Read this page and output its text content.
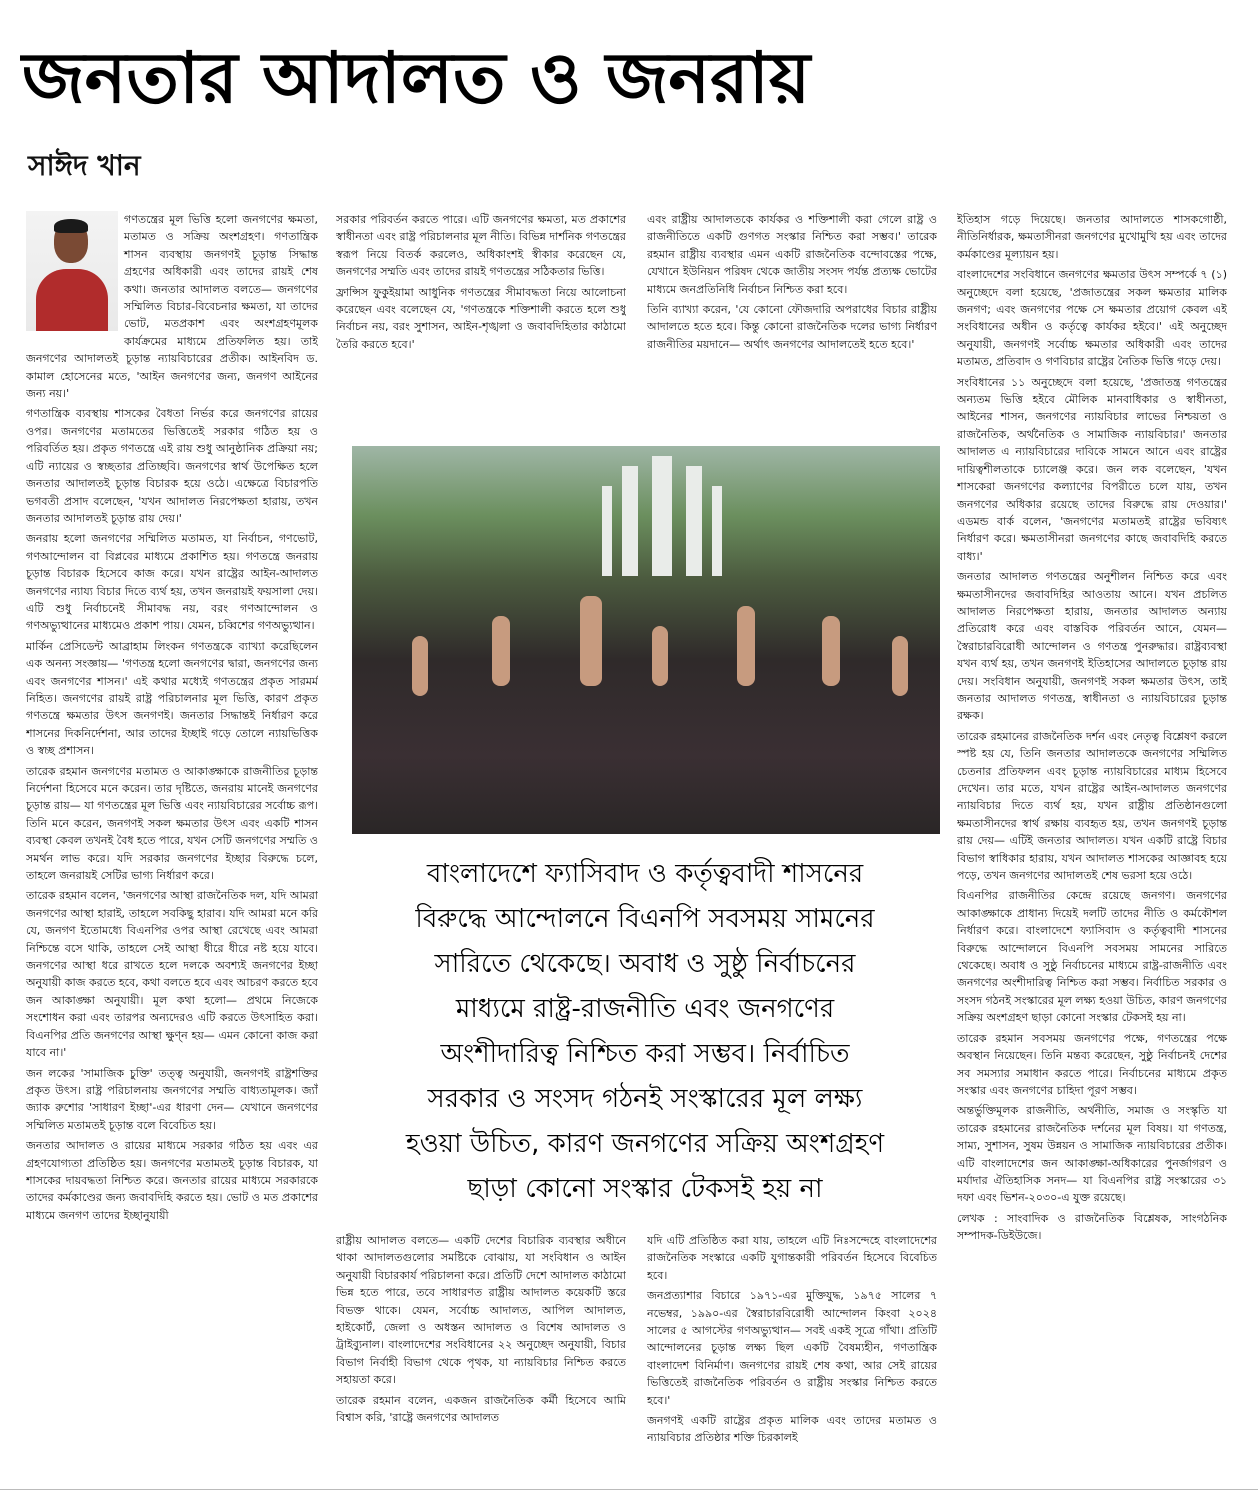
জনতার আদালত ও জনরায়
সাঈদ খান

গণতন্ত্রের মূল ভিত্তি হলো জনগণের ক্ষমতা, মতামত ও সক্রিয় অংশগ্রহণ। গণতান্ত্রিক শাসন ব্যবস্থায় জনগণই চূড়ান্ত সিদ্ধান্ত গ্রহণের অধিকারী এবং তাদের রায়ই শেষ কথা। জনতার আদালত বলতে— জনগণের সম্মিলিত বিচার-বিবেচনার ক্ষমতা, যা তাদের ভোট, মতপ্রকাশ এবং অংশগ্রহণমূলক কার্যক্রমের মাধ্যমে প্রতিফলিত হয়। তাই জনগণের আদালতই চূড়ান্ত ন্যায়বিচারের প্রতীক। আইনবিদ ড. কামাল হোসেনের মতে, 'আইন জনগণের জন্য, জনগণ আইনের জন্য নয়।'

গণতান্ত্রিক ব্যবস্থায় শাসকের বৈধতা নির্ভর করে জনগণের রায়ের ওপর। জনগণের মতামতের ভিত্তিতেই সরকার গঠিত হয় ও পরিবর্তিত হয়। প্রকৃত গণতন্ত্রে এই রায় শুধু আনুষ্ঠানিক প্রক্রিয়া নয়; এটি ন্যায়ের ও স্বচ্ছতার প্রতিচ্ছবি। জনগণের স্বার্থ উপেক্ষিত হলে জনতার আদালতই চূড়ান্ত বিচারক হয়ে ওঠে। এক্ষেত্রে বিচারপতি ভগবতী প্রসাদ বলেছেন, 'যখন আদালত নিরপেক্ষতা হারায়, তখন জনতার আদালতই চূড়ান্ত রায় দেয়।'

জনরায় হলো জনগণের সম্মিলিত মতামত, যা নির্বাচন, গণভোট, গণআন্দোলন বা বিপ্লবের মাধ্যমে প্রকাশিত হয়। গণতন্ত্রে জনরায় চূড়ান্ত বিচারক হিসেবে কাজ করে। যখন রাষ্ট্রের আইন-আদালত জনগণের ন্যায্য বিচার দিতে ব্যর্থ হয়, তখন জনরায়ই ফয়সালা দেয়। এটি শুধু নির্বাচনেই সীমাবদ্ধ নয়, বরং গণআন্দোলন ও গণঅভ্যুত্থানের মাধ্যমেও প্রকাশ পায়। যেমন, চব্বিশের গণঅভ্যুত্থান।

মার্কিন প্রেসিডেন্ট আব্রাহাম লিংকন গণতন্ত্রকে ব্যাখ্যা করেছিলেন এক অনন্য সংজ্ঞায়— 'গণতন্ত্র হলো জনগণের দ্বারা, জনগণের জন্য এবং জনগণের শাসন।' এই কথার মধ্যেই গণতন্ত্রের প্রকৃত সারমর্ম নিহিত। জনগণের রায়ই রাষ্ট্র পরিচালনার মূল ভিত্তি, কারণ প্রকৃত গণতন্ত্রে ক্ষমতার উৎস জনগণই। জনতার সিদ্ধান্তই নির্ধারণ করে শাসনের দিকনির্দেশনা, আর তাদের ইচ্ছাই গড়ে তোলে ন্যায়ভিত্তিক ও স্বচ্ছ প্রশাসন।

তারেক রহমান জনগণের মতামত ও আকাঙ্ক্ষাকে রাজনীতির চূড়ান্ত নির্দেশনা হিসেবে মনে করেন। তার দৃষ্টিতে, জনরায় মানেই জনগণের চূড়ান্ত রায়— যা গণতন্ত্রের মূল ভিত্তি এবং ন্যায়বিচারের সর্বোচ্চ রূপ। তিনি মনে করেন, জনগণই সকল ক্ষমতার উৎস এবং একটি শাসন ব্যবস্থা কেবল তখনই বৈধ হতে পারে, যখন সেটি জনগণের সম্মতি ও সমর্থন লাভ করে। যদি সরকার জনগণের ইচ্ছার বিরুদ্ধে চলে, তাহলে জনরায়ই সেটির ভাগ্য নির্ধারণ করে।

তারেক রহমান বলেন, 'জনগণের আস্থা রাজনৈতিক দল, যদি আমরা জনগণের আস্থা হারাই, তাহলে সবকিছু হারাব। যদি আমরা মনে করি যে, জনগণ ইতোমধ্যে বিএনপির ওপর আস্থা রেখেছে এবং আমরা নিশ্চিন্তে বসে থাকি, তাহলে সেই আস্থা ধীরে ধীরে নষ্ট হয়ে যাবে। জনগণের আস্থা ধরে রাখতে হলে দলকে অবশ্যই জনগণের ইচ্ছা অনুযায়ী কাজ করতে হবে, কথা বলতে হবে এবং আচরণ করতে হবে জন আকাঙ্ক্ষা অনুযায়ী। মূল কথা হলো— প্রথমে নিজেকে সংশোধন করা এবং তারপর অন্যদেরও এটি করতে উৎসাহিত করা। বিএনপির প্রতি জনগণের আস্থা ক্ষুণ্ন হয়— এমন কোনো কাজ করা যাবে না।'

জন লকের 'সামাজিক চুক্তি' তত্ত্ব অনুযায়ী, জনগণই রাষ্ট্রশক্তির প্রকৃত উৎস। রাষ্ট্র পরিচালনায় জনগণের সম্মতি বাধ্যতামূলক। জ্যাঁ জ্যাক রুশোর 'সাধারণ ইচ্ছা'-এর ধারণা দেন— যেখানে জনগণের সম্মিলিত মতামতই চূড়ান্ত বলে বিবেচিত হয়।

জনতার আদালত ও রায়ের মাধ্যমে সরকার গঠিত হয় এবং এর গ্রহণযোগ্যতা প্রতিষ্ঠিত হয়। জনগণের মতামতই চূড়ান্ত বিচারক, যা শাসকের দায়বদ্ধতা নিশ্চিত করে। জনতার রায়ের মাধ্যমে সরকারকে তাদের কর্মকাণ্ডের জন্য জবাবদিহি করতে হয়। ভোট ও মত প্রকাশের মাধ্যমে জনগণ তাদের ইচ্ছানুযায়ী

সরকার পরিবর্তন করতে পারে। এটি জনগণের ক্ষমতা, মত প্রকাশের স্বাধীনতা এবং রাষ্ট্র পরিচালনার মূল নীতি। বিভিন্ন দার্শনিক গণতন্ত্রের স্বরূপ নিয়ে বিতর্ক করলেও, অধিকাংশই স্বীকার করেছেন যে, জনগণের সম্মতি এবং তাদের রায়ই গণতন্ত্রের সঠিকতার ভিত্তি।

ফ্রান্সিস ফুকুইয়ামা আধুনিক গণতন্ত্রের সীমাবদ্ধতা নিয়ে আলোচনা করেছেন এবং বলেছেন যে, 'গণতন্ত্রকে শক্তিশালী করতে হলে শুধু নির্বাচন নয়, বরং সুশাসন, আইন-শৃঙ্খলা ও জবাবদিহিতার কাঠামো তৈরি করতে হবে।'

এবং রাষ্ট্রীয় আদালতকে কার্যকর ও শক্তিশালী করা গেলে রাষ্ট্র ও রাজনীতিতে একটি গুণগত সংস্কার নিশ্চিত করা সম্ভব।' তারেক রহমান রাষ্ট্রীয় ব্যবস্থার এমন একটি রাজনৈতিক বন্দোবস্তের পক্ষে, যেখানে ইউনিয়ন পরিষদ থেকে জাতীয় সংসদ পর্যন্ত প্রত্যক্ষ ভোটের মাধ্যমে জনপ্রতিনিধি নির্বাচন নিশ্চিত করা হবে।

তিনি ব্যাখ্যা করেন, 'যে কোনো ফৌজদারি অপরাধের বিচার রাষ্ট্রীয় আদালতে হতে হবে। কিন্তু কোনো রাজনৈতিক দলের ভাগ্য নির্ধারণ রাজনীতির ময়দানে— অর্থাৎ জনগণের আদালতেই হতে হবে।'

ইতিহাস গড়ে দিয়েছে। জনতার আদালতে শাসকগোষ্ঠী, নীতিনির্ধারক, ক্ষমতাসীনরা জনগণের মুখোমুখি হয় এবং তাদের কর্মকাণ্ডের মূল্যায়ন হয়।

বাংলাদেশের সংবিধানে জনগণের ক্ষমতার উৎস সম্পর্কে ৭ (১) অনুচ্ছেদে বলা হয়েছে, 'প্রজাতন্ত্রের সকল ক্ষমতার মালিক জনগণ; এবং জনগণের পক্ষে সে ক্ষমতার প্রয়োগ কেবল এই সংবিধানের অধীন ও কর্তৃত্বে কার্যকর হইবে।' এই অনুচ্ছেদ অনুযায়ী, জনগণই সর্বোচ্চ ক্ষমতার অধিকারী এবং তাদের মতামত, প্রতিবাদ ও গণবিচার রাষ্ট্রের নৈতিক ভিত্তি গড়ে দেয়।

সংবিধানের ১১ অনুচ্ছেদে বলা হয়েছে, 'প্রজাতন্ত্র গণতন্ত্রের অন্যতম ভিত্তি হইবে মৌলিক মানবাধিকার ও স্বাধীনতা, আইনের শাসন, জনগণের ন্যায়বিচার লাভের নিশ্চয়তা ও রাজনৈতিক, অর্থনৈতিক ও সামাজিক ন্যায়বিচার।' জনতার আদালত এ ন্যায়বিচারের দাবিকে সামনে আনে এবং রাষ্ট্রের দায়িত্বশীলতাকে চ্যালেঞ্জ করে। জন লক বলেছেন, 'যখন শাসকেরা জনগণের কল্যাণের বিপরীতে চলে যায়, তখন জনগণের অধিকার রয়েছে তাদের বিরুদ্ধে রায় দেওয়ার।' এডমন্ড বার্ক বলেন, 'জনগণের মতামতই রাষ্ট্রের ভবিষ্যৎ নির্ধারণ করে। ক্ষমতাসীনরা জনগণের কাছে জবাবদিহি করতে বাধ্য।'

জনতার আদালত গণতন্ত্রের অনুশীলন নিশ্চিত করে এবং ক্ষমতাসীনদের জবাবদিহির আওতায় আনে। যখন প্রচলিত আদালত নিরপেক্ষতা হারায়, জনতার আদালত অন্যায় প্রতিরোধ করে এবং বাস্তবিক পরিবর্তন আনে, যেমন— স্বৈরাচারবিরোধী আন্দোলন ও গণতন্ত্র পুনরুদ্ধার। রাষ্ট্রব্যবস্থা যখন ব্যর্থ হয়, তখন জনগণই ইতিহাসের আদালতে চূড়ান্ত রায় দেয়। সংবিধান অনুযায়ী, জনগণই সকল ক্ষমতার উৎস, তাই জনতার আদালত গণতন্ত্র, স্বাধীনতা ও ন্যায়বিচারের চূড়ান্ত রক্ষক।

তারেক রহমানের রাজনৈতিক দর্শন এবং নেতৃত্ব বিশ্লেষণ করলে স্পষ্ট হয় যে, তিনি জনতার আদালতকে জনগণের সম্মিলিত চেতনার প্রতিফলন এবং চূড়ান্ত ন্যায়বিচারের মাধ্যম হিসেবে দেখেন। তার মতে, যখন রাষ্ট্রের আইন-আদালত জনগণের ন্যায়বিচার দিতে ব্যর্থ হয়, যখন রাষ্ট্রীয় প্রতিষ্ঠানগুলো ক্ষমতাসীনদের স্বার্থ রক্ষায় ব্যবহৃত হয়, তখন জনগণই চূড়ান্ত রায় দেয়— এটিই জনতার আদালত। যখন একটি রাষ্ট্রে বিচার বিভাগ স্বাধিকার হারায়, যখন আদালত শাসকের আজ্ঞাবহ হয়ে পড়ে, তখন জনগণের আদালতই শেষ ভরসা হয়ে ওঠে।

বিএনপির রাজনীতির কেন্দ্রে রয়েছে জনগণ। জনগণের আকাঙ্ক্ষাকে প্রাধান্য দিয়েই দলটি তাদের নীতি ও কর্মকৌশল নির্ধারণ করে। বাংলাদেশে ফ্যাসিবাদ ও কর্তৃত্ববাদী শাসনের বিরুদ্ধে আন্দোলনে বিএনপি সবসময় সামনের সারিতে থেকেছে। অবাধ ও সুষ্ঠু নির্বাচনের মাধ্যমে রাষ্ট্র-রাজনীতি এবং জনগণের অংশীদারিত্ব নিশ্চিত করা সম্ভব। নির্বাচিত সরকার ও সংসদ গঠনই সংস্কারের মূল লক্ষ্য হওয়া উচিত, কারণ জনগণের সক্রিয় অংশগ্রহণ ছাড়া কোনো সংস্কার টেকসই হয় না।

তারেক রহমান সবসময় জনগণের পক্ষে, গণতন্ত্রের পক্ষে অবস্থান নিয়েছেন। তিনি মন্তব্য করেছেন, সুষ্ঠু নির্বাচনই দেশের সব সমস্যার সমাধান করতে পারে। নির্বাচনের মাধ্যমে প্রকৃত সংস্কার এবং জনগণের চাহিদা পূরণ সম্ভব।

অন্তর্ভুক্তিমূলক রাজনীতি, অর্থনীতি, সমাজ ও সংস্কৃতি যা তারেক রহমানের রাজনৈতিক দর্শনের মূল বিষয়। যা গণতন্ত্র, সাম্য, সুশাসন, সুষম উন্নয়ন ও সামাজিক ন্যায়বিচারের প্রতীক। এটি বাংলাদেশের জন আকাঙ্ক্ষা-অধিকারের পুনর্জাগরণ ও মর্যাদার ঐতিহাসিক সনদ— যা বিএনপির রাষ্ট্র সংস্কারের ৩১ দফা এবং ভিশন-২০৩০-এ যুক্ত রয়েছে।

লেখক : সাংবাদিক ও রাজনৈতিক বিশ্লেষক, সাংগঠনিক সম্পাদক-ডিইউজে।

বাংলাদেশে ফ্যাসিবাদ ও কর্তৃত্ববাদী শাসনের

বিরুদ্ধে আন্দোলনে বিএনপি সবসময় সামনের

সারিতে থেকেছে। অবাধ ও সুষ্ঠু নির্বাচনের

মাধ্যমে রাষ্ট্র-রাজনীতি এবং জনগণের

অংশীদারিত্ব নিশ্চিত করা সম্ভব। নির্বাচিত

সরকার ও সংসদ গঠনই সংস্কারের মূল লক্ষ্য

হওয়া উচিত, কারণ জনগণের সক্রিয় অংশগ্রহণ

ছাড়া কোনো সংস্কার টেকসই হয় না

রাষ্ট্রীয় আদালত বলতে— একটি দেশের বিচারিক ব্যবস্থার অধীনে থাকা আদালতগুলোর সমষ্টিকে বোঝায়, যা সংবিধান ও আইন অনুযায়ী বিচারকার্য পরিচালনা করে। প্রতিটি দেশে আদালত কাঠামো ভিন্ন হতে পারে, তবে সাধারণত রাষ্ট্রীয় আদালত কয়েকটি স্তরে বিভক্ত থাকে। যেমন, সর্বোচ্চ আদালত, আপিল আদালত, হাইকোর্ট, জেলা ও অধস্তন আদালত ও বিশেষ আদালত ও ট্রাইব্যুনাল। বাংলাদেশের সংবিধানের ২২ অনুচ্ছেদ অনুযায়ী, বিচার বিভাগ নির্বাহী বিভাগ থেকে পৃথক, যা ন্যায়বিচার নিশ্চিত করতে সহায়তা করে।

তারেক রহমান বলেন, একজন রাজনৈতিক কর্মী হিসেবে আমি বিশ্বাস করি, 'রাষ্ট্রে জনগণের আদালত

যদি এটি প্রতিষ্ঠিত করা যায়, তাহলে এটি নিঃসন্দেহে বাংলাদেশের রাজনৈতিক সংস্কারে একটি যুগান্তকারী পরিবর্তন হিসেবে বিবেচিত হবে।

জনপ্রত্যাশার বিচারে ১৯৭১-এর মুক্তিযুদ্ধ, ১৯৭৫ সালের ৭ নভেম্বর, ১৯৯০-এর স্বৈরাচারবিরোধী আন্দোলন কিংবা ২০২৪ সালের ৫ আগস্টের গণঅভ্যুত্থান— সবই একই সূত্রে গাঁথা। প্রতিটি আন্দোলনের চূড়ান্ত লক্ষ্য ছিল একটি বৈষম্যহীন, গণতান্ত্রিক বাংলাদেশ বিনির্মাণ। জনগণের রায়ই শেষ কথা, আর সেই রায়ের ভিত্তিতেই রাজনৈতিক পরিবর্তন ও রাষ্ট্রীয় সংস্কার নিশ্চিত করতে হবে।'

জনগণই একটি রাষ্ট্রের প্রকৃত মালিক এবং তাদের মতামত ও ন্যায়বিচার প্রতিষ্ঠার শক্তি চিরকালই
